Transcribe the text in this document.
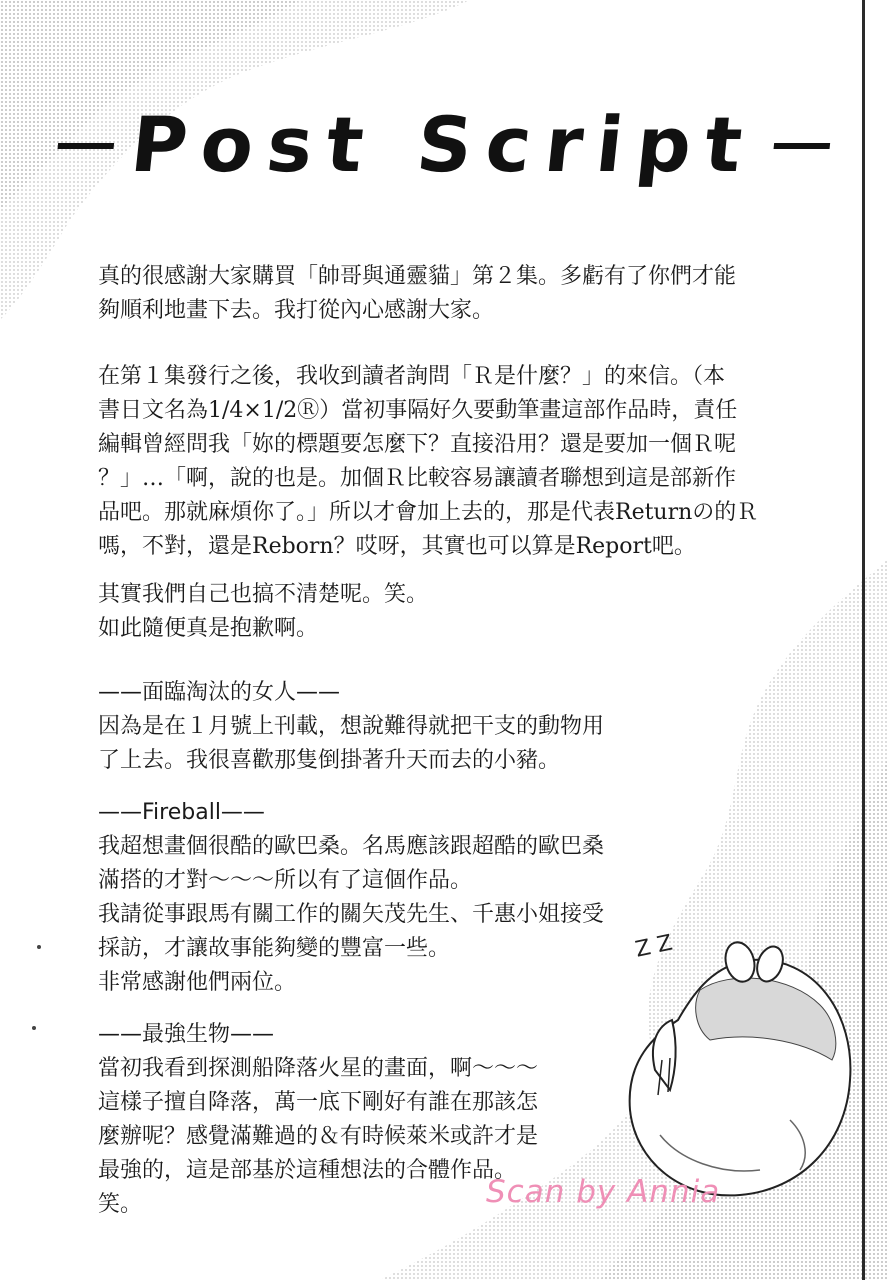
Post Script
真的很感謝大家購買「帥哥與通靈貓」第２集。多虧有了你們才能
夠順利地畫下去。我打從內心感謝大家。
在第１集發行之後，我收到讀者詢問「Ｒ是什麼？」的來信。（本
書日文名為1/4×1/2Ⓡ）當初事隔好久要動筆畫這部作品時，責任
編輯曾經問我「妳的標題要怎麼下？直接沿用？還是要加一個Ｒ呢
？」…「啊，說的也是。加個Ｒ比較容易讓讀者聯想到這是部新作
品吧。那就麻煩你了。」所以才會加上去的，那是代表Returnの的Ｒ
嗎，不對，還是Reborn？哎呀，其實也可以算是Report吧。
其實我們自己也搞不清楚呢。笑。
如此隨便真是抱歉啊。
——面臨淘汰的女人——
因為是在１月號上刊載，想說難得就把干支的動物用
了上去。我很喜歡那隻倒掛著升天而去的小豬。
——Fireball——
我超想畫個很酷的歐巴桑。名馬應該跟超酷的歐巴桑
滿搭的才對～～～所以有了這個作品。
我請從事跟馬有關工作的關矢茂先生、千惠小姐接受
採訪，才讓故事能夠變的豐富一些。
非常感謝他們兩位。
——最強生物——
當初我看到探測船降落火星的畫面，啊～～～
這樣子擅自降落，萬一底下剛好有誰在那該怎
麼辦呢？感覺滿難過的＆有時候萊米或許才是
最強的，這是部基於這種想法的合體作品。
笑。
Z Z
Scan by Annia
